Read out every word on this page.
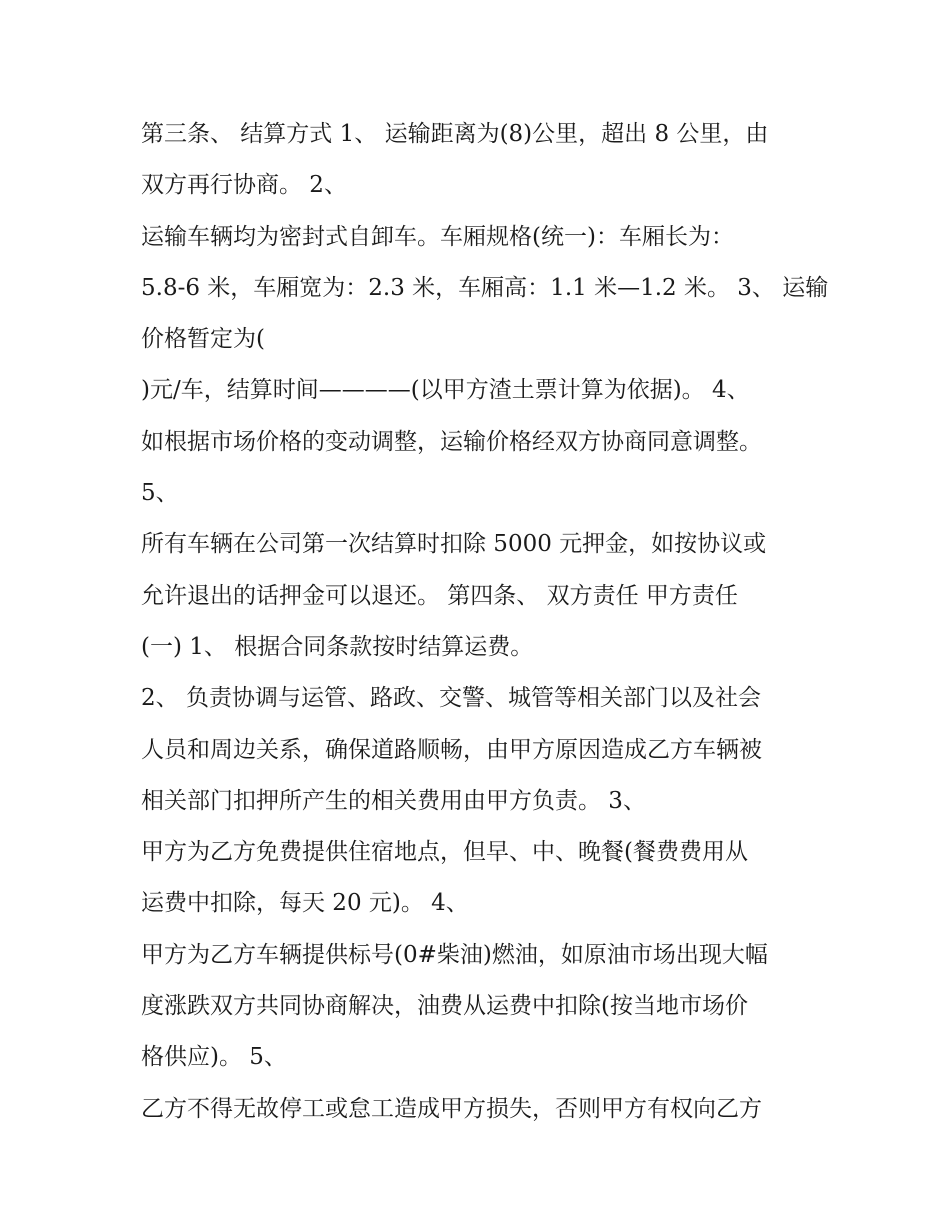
第三条、 结算方式 1、 运输距离为(8)公里，超出 8 公里，由
双方再行协商。 2、
运输车辆均为密封式自卸车。车厢规格(统一)：车厢长为：
5.8-6 米，车厢宽为：2.3 米，车厢高：1.1 米—1.2 米。 3、 运输
价格暂定为(
)元/车，结算时间————(以甲方渣土票计算为依据)。 4、
如根据市场价格的变动调整，运输价格经双方协商同意调整。
5、
所有车辆在公司第一次结算时扣除 5000 元押金，如按协议或
允许退出的话押金可以退还。 第四条、 双方责任 甲方责任
(一) 1、 根据合同条款按时结算运费。
2、 负责协调与运管、路政、交警、城管等相关部门以及社会
人员和周边关系，确保道路顺畅，由甲方原因造成乙方车辆被
相关部门扣押所产生的相关费用由甲方负责。 3、
甲方为乙方免费提供住宿地点，但早、中、晚餐(餐费费用从
运费中扣除，每天 20 元)。 4、
甲方为乙方车辆提供标号(0#柴油)燃油，如原油市场出现大幅
度涨跌双方共同协商解决，油费从运费中扣除(按当地市场价
格供应)。 5、
乙方不得无故停工或怠工造成甲方损失，否则甲方有权向乙方
